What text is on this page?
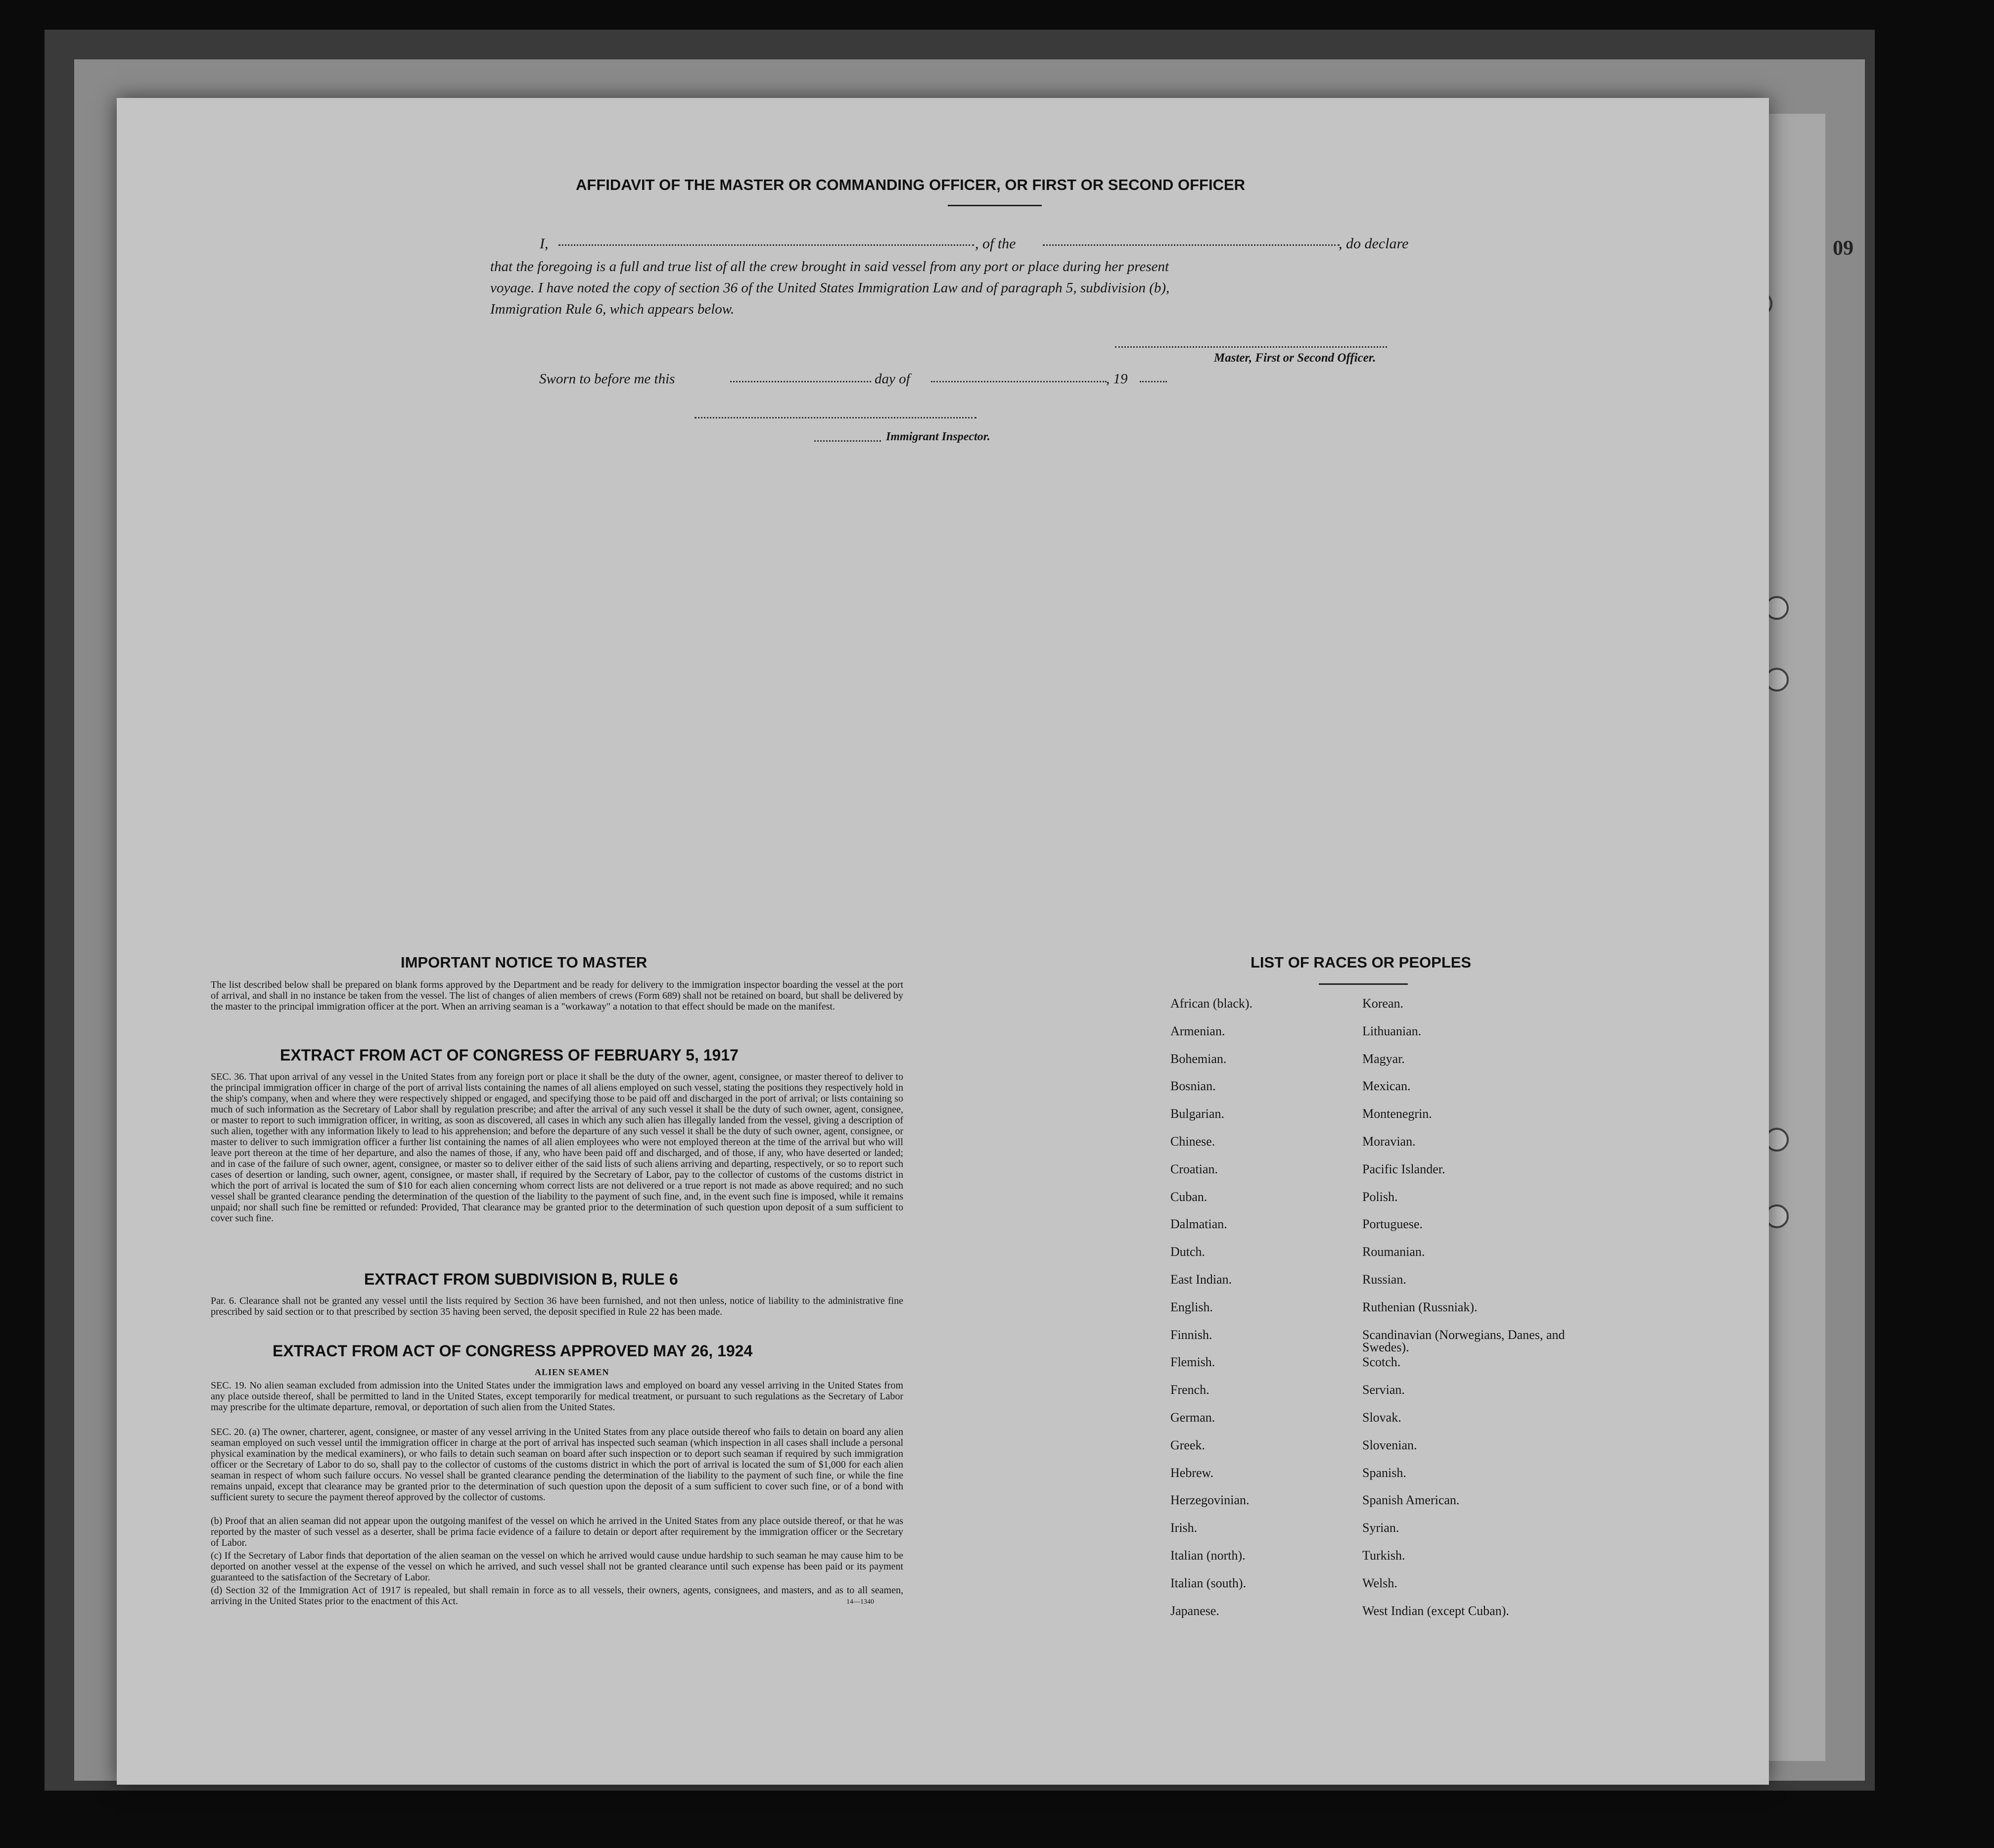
09
AFFIDAVIT OF THE MASTER OR COMMANDING OFFICER, OR FIRST OR SECOND OFFICER
I,	, of the	, do declare
that the foregoing is a full and true list of all the crew brought in said vessel from any port or place during her present
voyage. I have noted the copy of section 36 of the United States Immigration Law and of paragraph 5, subdivision (b),
Immigration Rule 6, which appears below.
Master, First or Second Officer.
Sworn to before me this	day of	, 19
Immigrant Inspector.
IMPORTANT NOTICE TO MASTER
The list described below shall be prepared on blank forms approved by the Department and be ready for delivery to the immigration inspector boarding the vessel at the port of arrival, and shall in no instance be taken from the vessel. The list of changes of alien members of crews (Form 689) shall not be retained on board, but shall be delivered by the master to the principal immigration officer at the port. When an arriving seaman is a "workaway" a notation to that effect should be made on the manifest.
EXTRACT FROM ACT OF CONGRESS OF FEBRUARY 5, 1917
SEC. 36. That upon arrival of any vessel in the United States from any foreign port or place it shall be the duty of the owner, agent, consignee, or master thereof to deliver to the principal immigration officer in charge of the port of arrival lists containing the names of all aliens employed on such vessel, stating the positions they respectively hold in the ship's company, when and where they were respectively shipped or engaged, and specifying those to be paid off and discharged in the port of arrival; or lists containing so much of such information as the Secretary of Labor shall by regulation prescribe; and after the arrival of any such vessel it shall be the duty of such owner, agent, consignee, or master to report to such immigration officer, in writing, as soon as discovered, all cases in which any such alien has illegally landed from the vessel, giving a description of such alien, together with any information likely to lead to his apprehension; and before the departure of any such vessel it shall be the duty of such owner, agent, consignee, or master to deliver to such immigration officer a further list containing the names of all alien employees who were not employed thereon at the time of the arrival but who will leave port thereon at the time of her departure, and also the names of those, if any, who have been paid off and discharged, and of those, if any, who have deserted or landed; and in case of the failure of such owner, agent, consignee, or master so to deliver either of the said lists of such aliens arriving and departing, respectively, or so to report such cases of desertion or landing, such owner, agent, consignee, or master shall, if required by the Secretary of Labor, pay to the collector of customs of the customs district in which the port of arrival is located the sum of $10 for each alien concerning whom correct lists are not delivered or a true report is not made as above required; and no such vessel shall be granted clearance pending the determination of the question of the liability to the payment of such fine, and, in the event such fine is imposed, while it remains unpaid; nor shall such fine be remitted or refunded: Provided, That clearance may be granted prior to the determination of such question upon deposit of a sum sufficient to cover such fine.
EXTRACT FROM SUBDIVISION B, RULE 6
Par. 6. Clearance shall not be granted any vessel until the lists required by Section 36 have been furnished, and not then unless, notice of liability to the administrative fine prescribed by said section or to that prescribed by section 35 having been served, the deposit specified in Rule 22 has been made.
EXTRACT FROM ACT OF CONGRESS APPROVED MAY 26, 1924
ALIEN SEAMEN
SEC. 19. No alien seaman excluded from admission into the United States under the immigration laws and employed on board any vessel arriving in the United States from any place outside thereof, shall be permitted to land in the United States, except temporarily for medical treatment, or pursuant to such regulations as the Secretary of Labor may prescribe for the ultimate departure, removal, or deportation of such alien from the United States.
SEC. 20. (a) The owner, charterer, agent, consignee, or master of any vessel arriving in the United States from any place outside thereof who fails to detain on board any alien seaman employed on such vessel until the immigration officer in charge at the port of arrival has inspected such seaman (which inspection in all cases shall include a personal physical examination by the medical examiners), or who fails to detain such seaman on board after such inspection or to deport such seaman if required by such immigration officer or the Secretary of Labor to do so, shall pay to the collector of customs of the customs district in which the port of arrival is located the sum of $1,000 for each alien seaman in respect of whom such failure occurs. No vessel shall be granted clearance pending the determination of the liability to the payment of such fine, or while the fine remains unpaid, except that clearance may be granted prior to the determination of such question upon the deposit of a sum sufficient to cover such fine, or of a bond with sufficient surety to secure the payment thereof approved by the collector of customs.
(b) Proof that an alien seaman did not appear upon the outgoing manifest of the vessel on which he arrived in the United States from any place outside thereof, or that he was reported by the master of such vessel as a deserter, shall be prima facie evidence of a failure to detain or deport after requirement by the immigration officer or the Secretary of Labor.
(c) If the Secretary of Labor finds that deportation of the alien seaman on the vessel on which he arrived would cause undue hardship to such seaman he may cause him to be deported on another vessel at the expense of the vessel on which he arrived, and such vessel shall not be granted clearance until such expense has been paid or its payment guaranteed to the satisfaction of the Secretary of Labor.
(d) Section 32 of the Immigration Act of 1917 is repealed, but shall remain in force as to all vessels, their owners, agents, consignees, and masters, and as to all seamen, arriving in the United States prior to the enactment of this Act.	14—1340
LIST OF RACES OR PEOPLES
African (black).
Armenian.
Bohemian.
Bosnian.
Bulgarian.
Chinese.
Croatian.
Cuban.
Dalmatian.
Dutch.
East Indian.
English.
Finnish.
Flemish.
French.
German.
Greek.
Hebrew.
Herzegovinian.
Irish.
Italian (north).
Italian (south).
Japanese.
Korean.
Lithuanian.
Magyar.
Mexican.
Montenegrin.
Moravian.
Pacific Islander.
Polish.
Portuguese.
Roumanian.
Russian.
Ruthenian (Russniak).
Scandinavian (Norwegians, Danes, and Swedes).
Scotch.
Servian.
Slovak.
Slovenian.
Spanish.
Spanish American.
Syrian.
Turkish.
Welsh.
West Indian (except Cuban).
